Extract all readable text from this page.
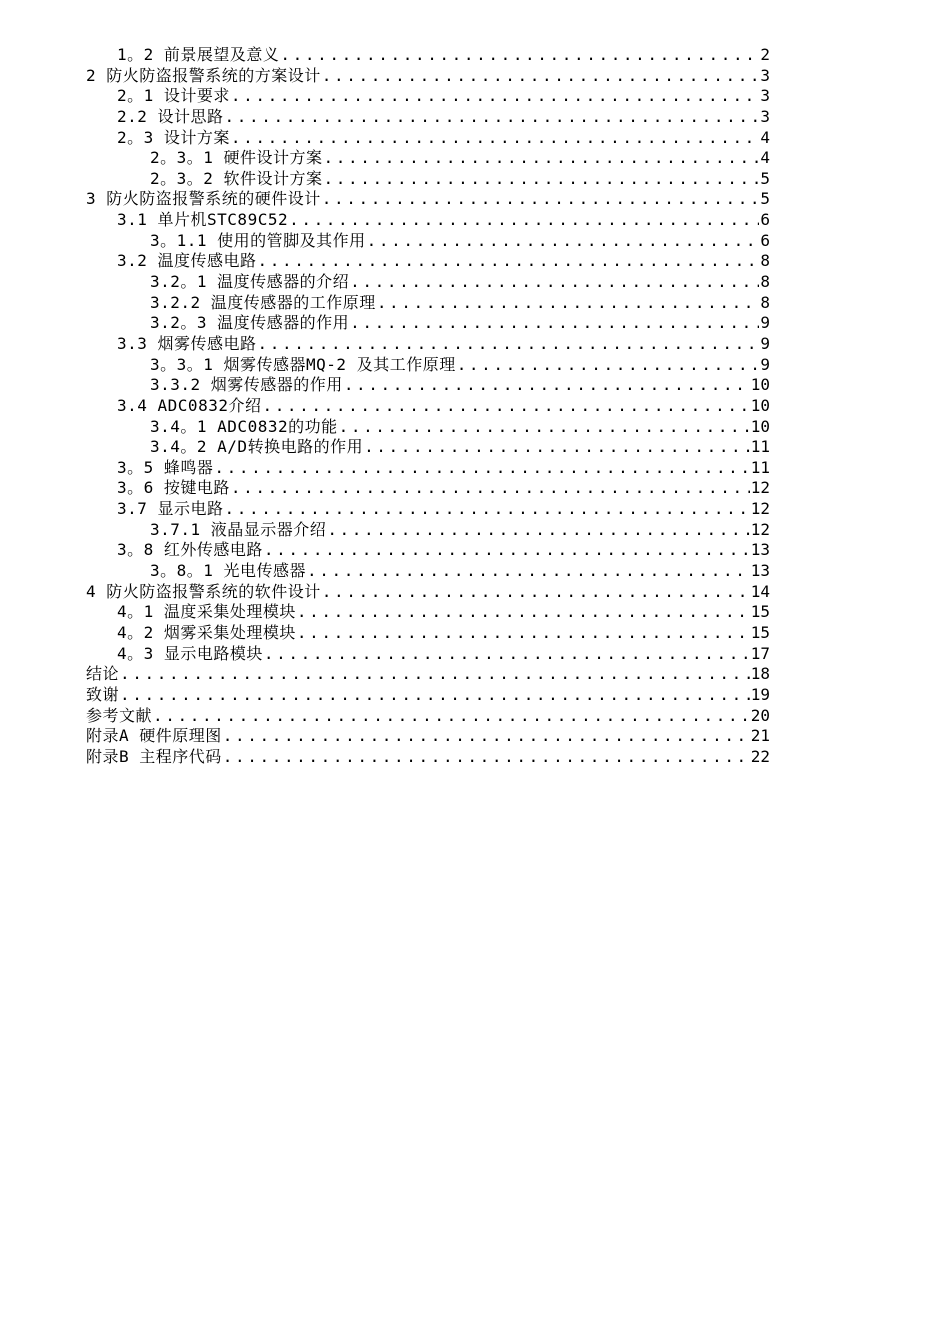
1。2 前景展望及意义 .....	2
2 防火防盗报警系统的方案设计 .....	3
2。1 设计要求 .....	3
2.2 设计思路 .....	3
2。3 设计方案 .....	4
2。3。1 硬件设计方案 .....	4
2。3。2 软件设计方案 .....	5
3 防火防盗报警系统的硬件设计 .....	5
3.1 单片机STC89C52 .....	6
3。1.1 使用的管脚及其作用 .....	6
3.2 温度传感电路 .....	8
3.2。1 温度传感器的介绍 .....	8
3.2.2 温度传感器的工作原理 .....	8
3.2。3 温度传感器的作用 .....	9
3.3 烟雾传感电路 .....	9
3。3。1 烟雾传感器MQ-2 及其工作原理 .....	9
3.3.2 烟雾传感器的作用 .....	10
3.4 ADC0832介绍 .....	10
3.4。1 ADC0832的功能 .....	10
3.4。2 A/D转换电路的作用 .....	11
3。5 蜂鸣器 .....	11
3。6 按键电路 .....	12
3.7 显示电路 .....	12
3.7.1 液晶显示器介绍 .....	12
3。8 红外传感电路 .....	13
3。8。1 光电传感器 .....	13
4 防火防盗报警系统的软件设计 .....	14
4。1 温度采集处理模块 .....	15
4。2 烟雾采集处理模块 .....	15
4。3 显示电路模块 .....	17
结论 .....	18
致谢 .....	19
参考文献 .....	20
附录A 硬件原理图 .....	21
附录B 主程序代码 .....	22
